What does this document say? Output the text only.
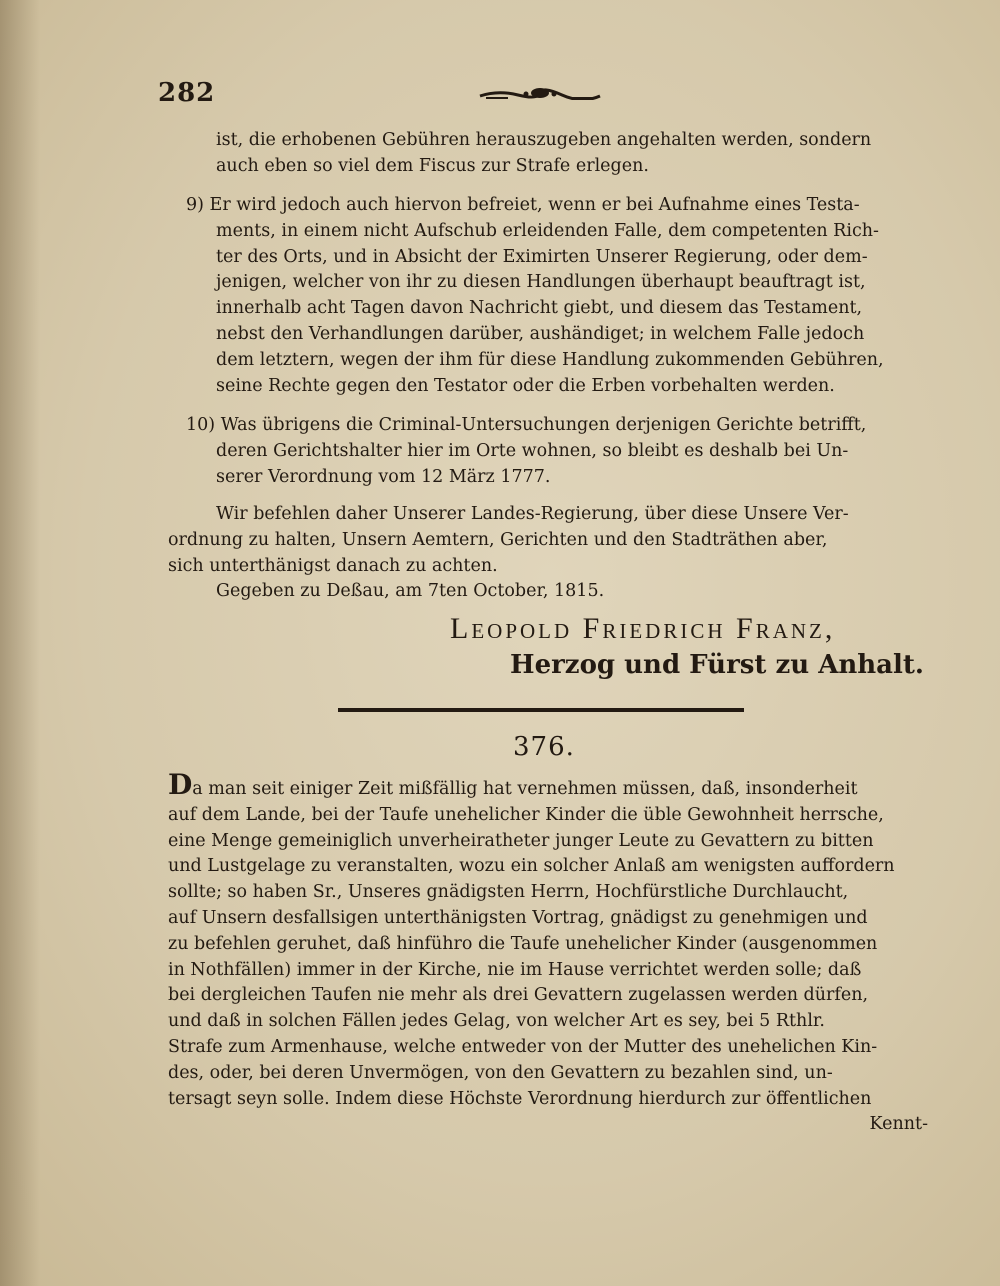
282
ist, die erhobenen Gebühren herauszugeben angehalten werden, sondern
auch eben so viel dem Fiscus zur Strafe erlegen.
9) Er wird jedoch auch hiervon befreiet, wenn er bei Aufnahme eines Testa-
ments, in einem nicht Aufschub erleidenden Falle, dem competenten Rich-
ter des Orts, und in Absicht der Eximirten Unserer Regierung, oder dem-
jenigen, welcher von ihr zu diesen Handlungen überhaupt beauftragt ist,
innerhalb acht Tagen davon Nachricht giebt, und diesem das Testament,
nebst den Verhandlungen darüber, aushändiget; in welchem Falle jedoch
dem letztern, wegen der ihm für diese Handlung zukommenden Gebühren,
seine Rechte gegen den Testator oder die Erben vorbehalten werden.
10) Was übrigens die Criminal-Untersuchungen derjenigen Gerichte betrifft,
deren Gerichtshalter hier im Orte wohnen, so bleibt es deshalb bei Un-
serer Verordnung vom 12 März 1777.
Wir befehlen daher Unserer Landes-Regierung, über diese Unsere Ver-
ordnung zu halten, Unsern Aemtern, Gerichten und den Stadträthen aber,
sich unterthänigst danach zu achten.
Gegeben zu Deßau, am 7ten October, 1815.
Leopold Friedrich Franz,
Herzog und Fürst zu Anhalt.
376.
Da man seit einiger Zeit mißfällig hat vernehmen müssen, daß, insonderheit
auf dem Lande, bei der Taufe unehelicher Kinder die üble Gewohnheit herrsche,
eine Menge gemeiniglich unverheiratheter junger Leute zu Gevattern zu bitten
und Lustgelage zu veranstalten, wozu ein solcher Anlaß am wenigsten auffordern
sollte; so haben Sr., Unseres gnädigsten Herrn, Hochfürstliche Durchlaucht,
auf Unsern desfallsigen unterthänigsten Vortrag, gnädigst zu genehmigen und
zu befehlen geruhet, daß hinführo die Taufe unehelicher Kinder (ausgenommen
in Nothfällen) immer in der Kirche, nie im Hause verrichtet werden solle; daß
bei dergleichen Taufen nie mehr als drei Gevattern zugelassen werden dürfen,
und daß in solchen Fällen jedes Gelag, von welcher Art es sey, bei 5 Rthlr.
Strafe zum Armenhause, welche entweder von der Mutter des unehelichen Kin-
des, oder, bei deren Unvermögen, von den Gevattern zu bezahlen sind, un-
tersagt seyn solle. Indem diese Höchste Verordnung hierdurch zur öffentlichen
Kennt-
